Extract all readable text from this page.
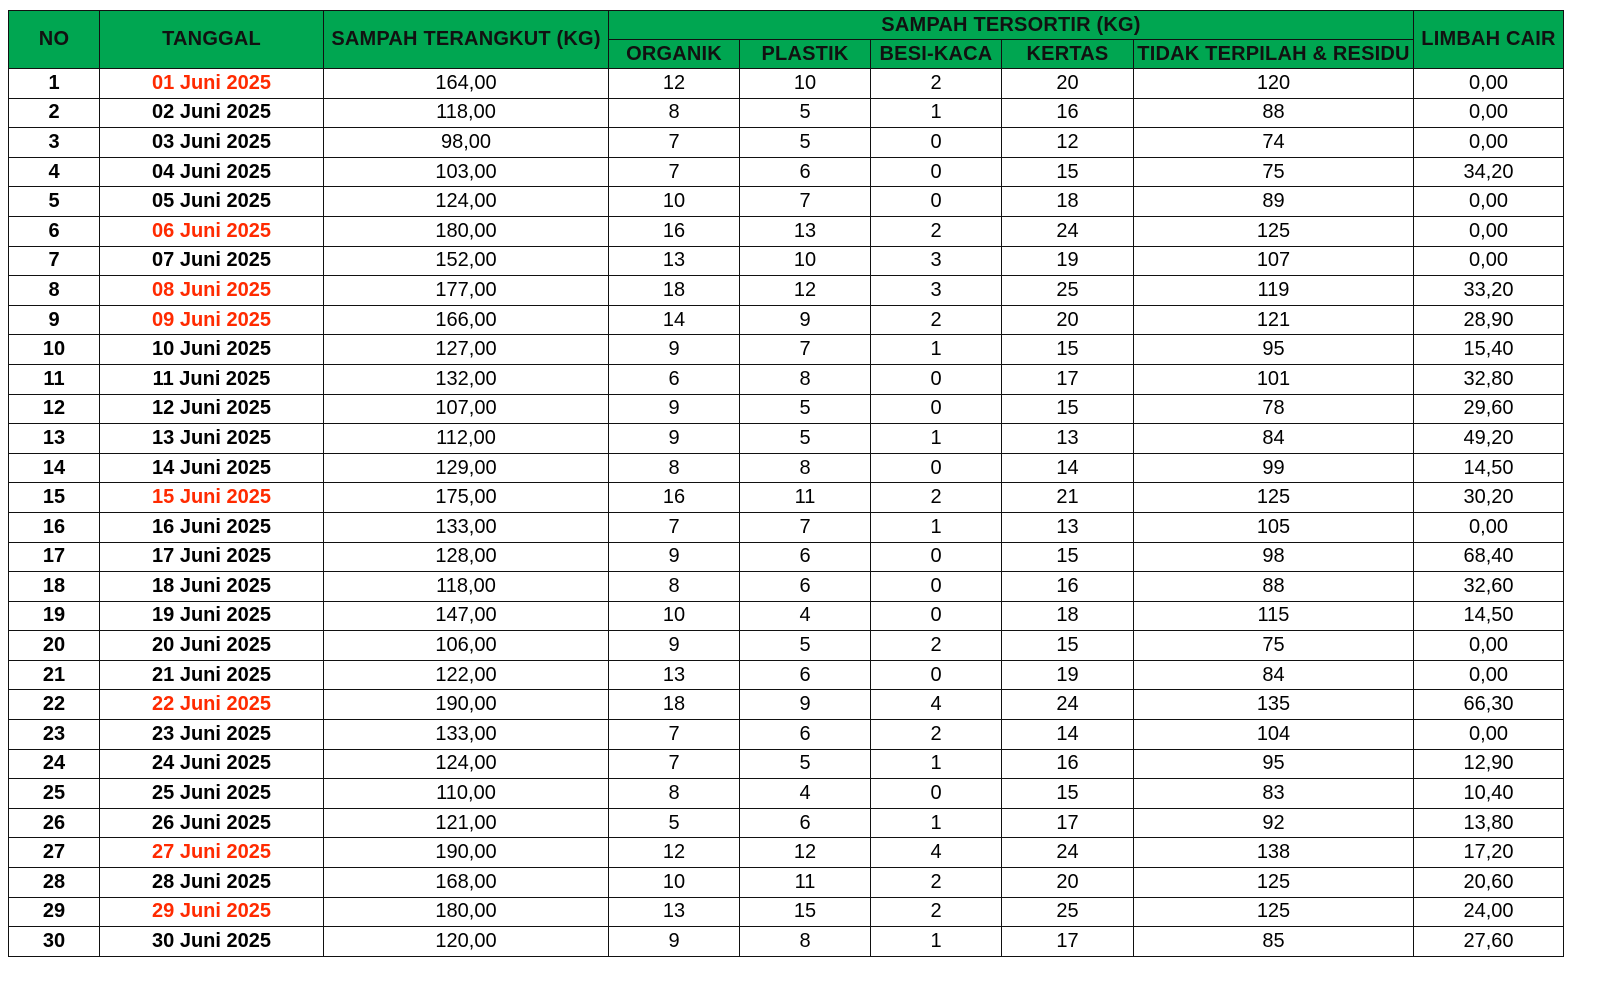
NO	TANGGAL	SAMPAH TERANGKUT (KG)	SAMPAH TERSORTIR (KG)					LIMBAH CAIR
			ORGANIK	PLASTIK	BESI-KACA	KERTAS	TIDAK TERPILAH & RESIDU	
1	01 Juni 2025	164,00	12	10	2	20	120	0,00
2	02 Juni 2025	118,00	8	5	1	16	88	0,00
3	03 Juni 2025	98,00	7	5	0	12	74	0,00
4	04 Juni 2025	103,00	7	6	0	15	75	34,20
5	05 Juni 2025	124,00	10	7	0	18	89	0,00
6	06 Juni 2025	180,00	16	13	2	24	125	0,00
7	07 Juni 2025	152,00	13	10	3	19	107	0,00
8	08 Juni 2025	177,00	18	12	3	25	119	33,20
9	09 Juni 2025	166,00	14	9	2	20	121	28,90
10	10 Juni 2025	127,00	9	7	1	15	95	15,40
11	11 Juni 2025	132,00	6	8	0	17	101	32,80
12	12 Juni 2025	107,00	9	5	0	15	78	29,60
13	13 Juni 2025	112,00	9	5	1	13	84	49,20
14	14 Juni 2025	129,00	8	8	0	14	99	14,50
15	15 Juni 2025	175,00	16	11	2	21	125	30,20
16	16 Juni 2025	133,00	7	7	1	13	105	0,00
17	17 Juni 2025	128,00	9	6	0	15	98	68,40
18	18 Juni 2025	118,00	8	6	0	16	88	32,60
19	19 Juni 2025	147,00	10	4	0	18	115	14,50
20	20 Juni 2025	106,00	9	5	2	15	75	0,00
21	21 Juni 2025	122,00	13	6	0	19	84	0,00
22	22 Juni 2025	190,00	18	9	4	24	135	66,30
23	23 Juni 2025	133,00	7	6	2	14	104	0,00
24	24 Juni 2025	124,00	7	5	1	16	95	12,90
25	25 Juni 2025	110,00	8	4	0	15	83	10,40
26	26 Juni 2025	121,00	5	6	1	17	92	13,80
27	27 Juni 2025	190,00	12	12	4	24	138	17,20
28	28 Juni 2025	168,00	10	11	2	20	125	20,60
29	29 Juni 2025	180,00	13	15	2	25	125	24,00
30	30 Juni 2025	120,00	9	8	1	17	85	27,60
